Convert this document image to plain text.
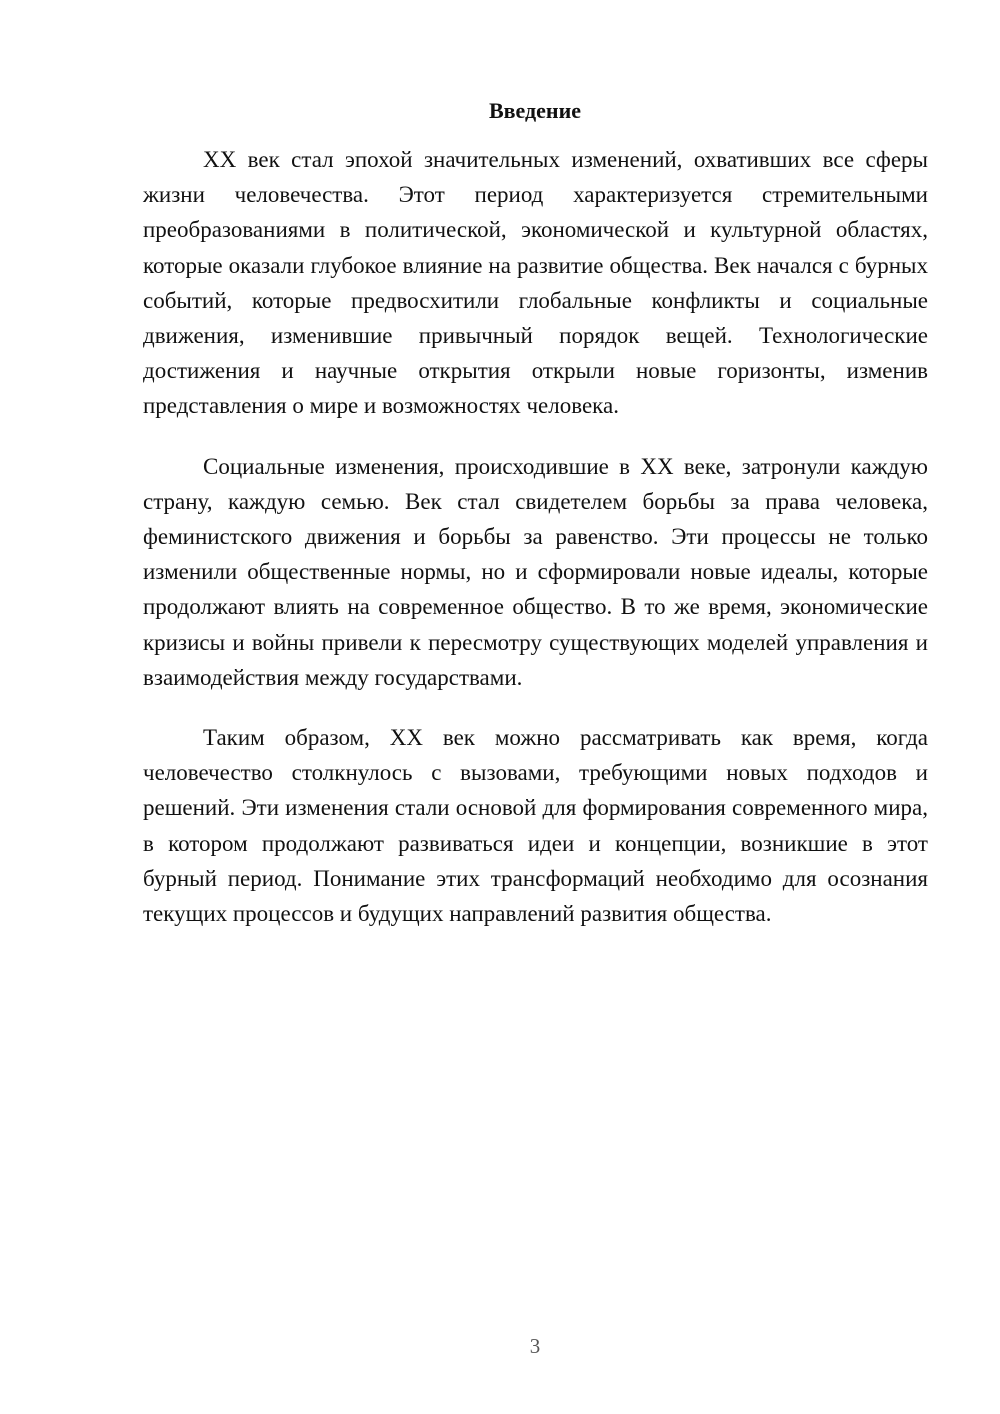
Введение

XX век стал эпохой значительных изменений, охвативших все сферы жизни человечества. Этот период характеризуется стремительными преобразованиями в политической, экономической и культурной областях, которые оказали глубокое влияние на развитие общества. Век начался с бурных событий, которые предвосхитили глобальные конфликты и социальные движения, изменившие привычный порядок вещей. Технологические достижения и научные открытия открыли новые горизонты, изменив представления о мире и возможностях человека.

Социальные изменения, происходившие в XX веке, затронули каждую страну, каждую семью. Век стал свидетелем борьбы за права человека, феминистского движения и борьбы за равенство. Эти процессы не только изменили общественные нормы, но и сформировали новые идеалы, которые продолжают влиять на современное общество. В то же время, экономические кризисы и войны привели к пересмотру существующих моделей управления и взаимодействия между государствами.

Таким образом, XX век можно рассматривать как время, когда человечество столкнулось с вызовами, требующими новых подходов и решений. Эти изменения стали основой для формирования современного мира, в котором продолжают развиваться идеи и концепции, возникшие в этот бурный период. Понимание этих трансформаций необходимо для осознания текущих процессов и будущих направлений развития общества.

3
